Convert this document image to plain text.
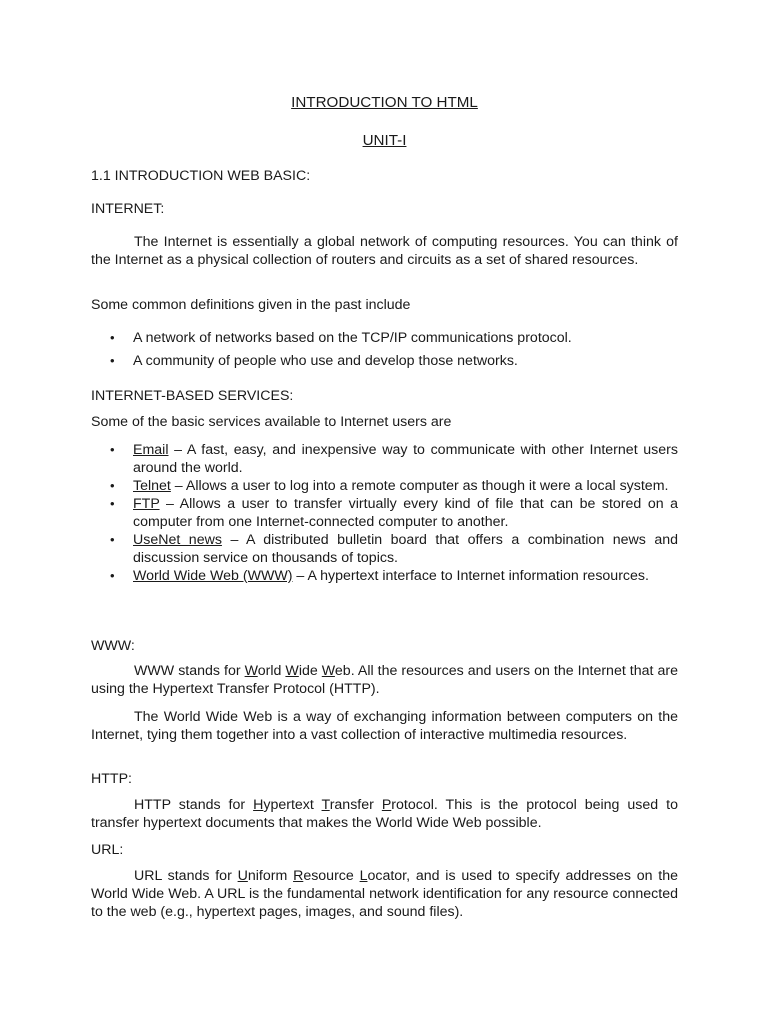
INTRODUCTION TO HTML
UNIT-I
1.1 INTRODUCTION WEB BASIC:
INTERNET:

The Internet is essentially a global network of computing resources. You can think of the Internet as a physical collection of routers and circuits as a set of shared resources.

Some common definitions given in the past include

• A network of networks based on the TCP/IP communications protocol.
• A community of people who use and develop those networks.
INTERNET-BASED SERVICES:

Some of the basic services available to Internet users are

• Email – A fast, easy, and inexpensive way to communicate with other Internet users around the world.
• Telnet – Allows a user to log into a remote computer as though it were a local system.
• FTP – Allows a user to transfer virtually every kind of file that can be stored on a computer from one Internet-connected computer to another.
• UseNet news – A distributed bulletin board that offers a combination news and discussion service on thousands of topics.
• World Wide Web (WWW) – A hypertext interface to Internet information resources.
WWW:

WWW stands for World Wide Web. All the resources and users on the Internet that are using the Hypertext Transfer Protocol (HTTP).

The World Wide Web is a way of exchanging information between computers on the Internet, tying them together into a vast collection of interactive multimedia resources.

HTTP:

HTTP stands for Hypertext Transfer Protocol. This is the protocol being used to transfer hypertext documents that makes the World Wide Web possible.

URL:

URL stands for Uniform Resource Locator, and is used to specify addresses on the World Wide Web. A URL is the fundamental network identification for any resource connected to the web (e.g., hypertext pages, images, and sound files).
